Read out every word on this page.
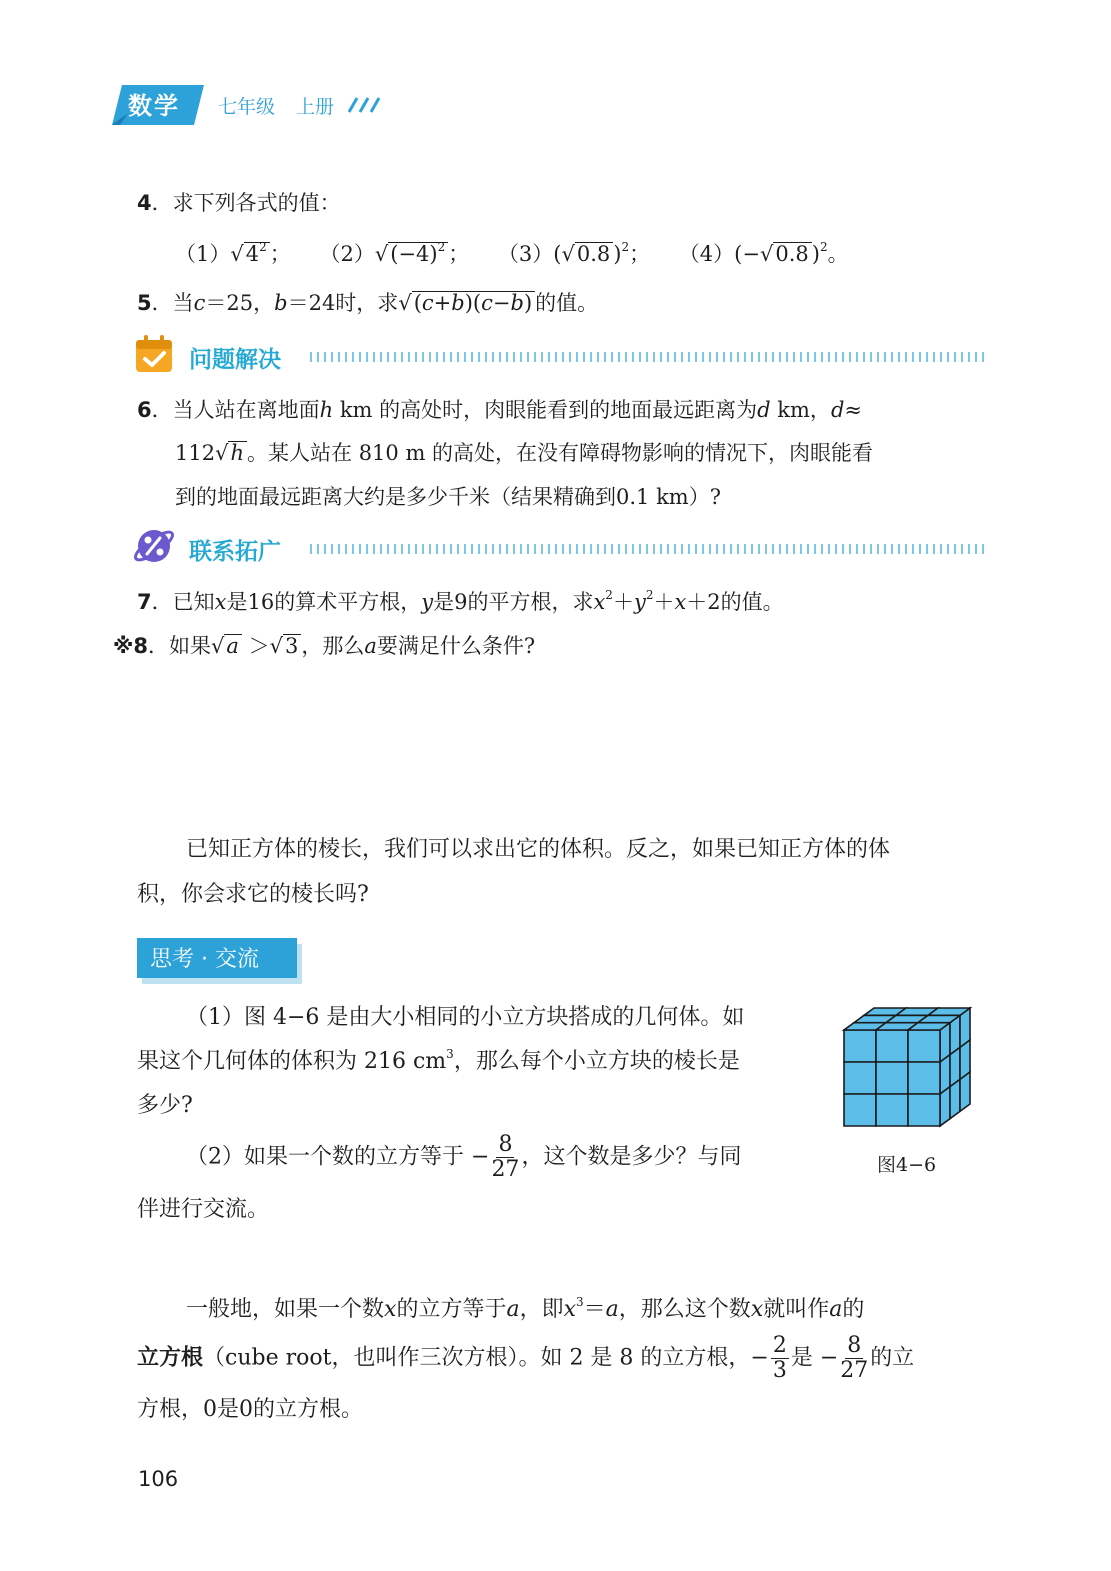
数学 七年级 上册
4．求下列各式的值：
$(1)√4^2$ ； $(2)√(-4)^2$ ； （3）(√0.8 )$^2$； （4）(−√0.8 )$^2$。
5．当c＝25，b＝24时，求√(c+b)(c−b) 的值。
问题解决
6．当人站在离地面h km 的高处时，肉眼能看到的地面最远距离为d km，d≈
112√h 。某人站在 810 m 的高处，在没有障碍物影响的情况下，肉眼能看
到的地面最远距离大约是多少千米（结果精确到0.1 km）?
联系拓广
7．已知x是16的算术平方根，y是9的平方根，求$x^2+y^2+x+2$的值。
※8．如果√a ＞√3 ，那么a要满足什么条件?
已知正方体的棱长，我们可以求出它的体积。反之，如果已知正方体的体
积，你会求它的棱长吗?
思考 · 交流
（1）图 4−6 是由大小相同的小立方块搭成的几何体。如
果这个几何体的体积为 216 $cm^3$，那么每个小立方块的棱长是
多少?
（2）如果一个数的立方等于 − $\frac{8}{27}$ ，这个数是多少？与同
伴进行交流。
图4−6
一般地，如果一个数x的立方等于a，即$x^3=a$，那么这个数x就叫作a的
立方根（cube root，也叫作三次方根）。如 2 是 8 的立方根，− $\frac{2}{3}$ 是 − $\frac{8}{27}$ 的立
方根，0是0的立方根。
106
